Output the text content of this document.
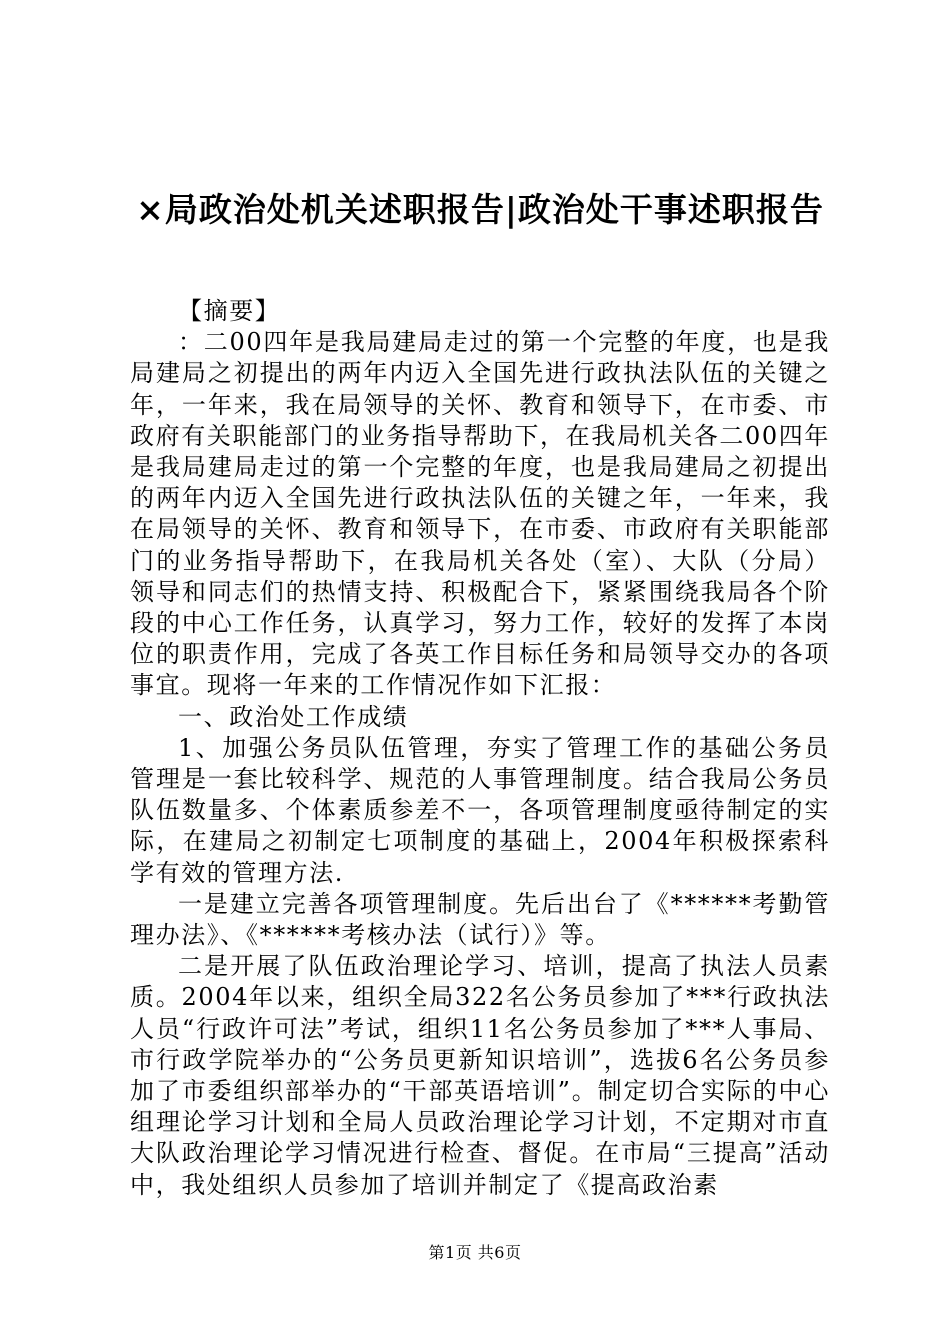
×局政治处机关述职报告|政治处干事述职报告

【摘要】

：二00四年是我局建局走过的第一个完整的年度，也是我局建局之初提出的两年内迈入全国先进行政执法队伍的关键之年，一年来，我在局领导的关怀、教育和领导下，在市委、市政府有关职能部门的业务指导帮助下，在我局机关各二00四年是我局建局走过的第一个完整的年度，也是我局建局之初提出的两年内迈入全国先进行政执法队伍的关键之年，一年来，我在局领导的关怀、教育和领导下，在市委、市政府有关职能部门的业务指导帮助下，在我局机关各处（室）、大队（分局）领导和同志们的热情支持、积极配合下，紧紧围绕我局各个阶段的中心工作任务，认真学习，努力工作，较好的发挥了本岗位的职责作用，完成了各英工作目标任务和局领导交办的各项事宜。现将一年来的工作情况作如下汇报：

一、政治处工作成绩

1、加强公务员队伍管理，夯实了管理工作的基础公务员管理是一套比较科学、规范的人事管理制度。结合我局公务员队伍数量多、个体素质参差不一，各项管理制度亟待制定的实际，在建局之初制定七项制度的基础上，2004年积极探索科学有效的管理方法.

一是建立完善各项管理制度。先后出台了《******考勤管理办法》、《******考核办法（试行）》等。

二是开展了队伍政治理论学习、培训，提高了执法人员素质。2004年以来，组织全局322名公务员参加了***行政执法人员“行政许可法”考试，组织11名公务员参加了***人事局、市行政学院举办的“公务员更新知识培训”，选拔6名公务员参加了市委组织部举办的“干部英语培训”。制定切合实际的中心组理论学习计划和全局人员政治理论学习计划，不定期对市直大队政治理论学习情况进行检查、督促。在市局“三提高”活动中，我处组织人员参加了培训并制定了《提高政治素

第1页 共6页
